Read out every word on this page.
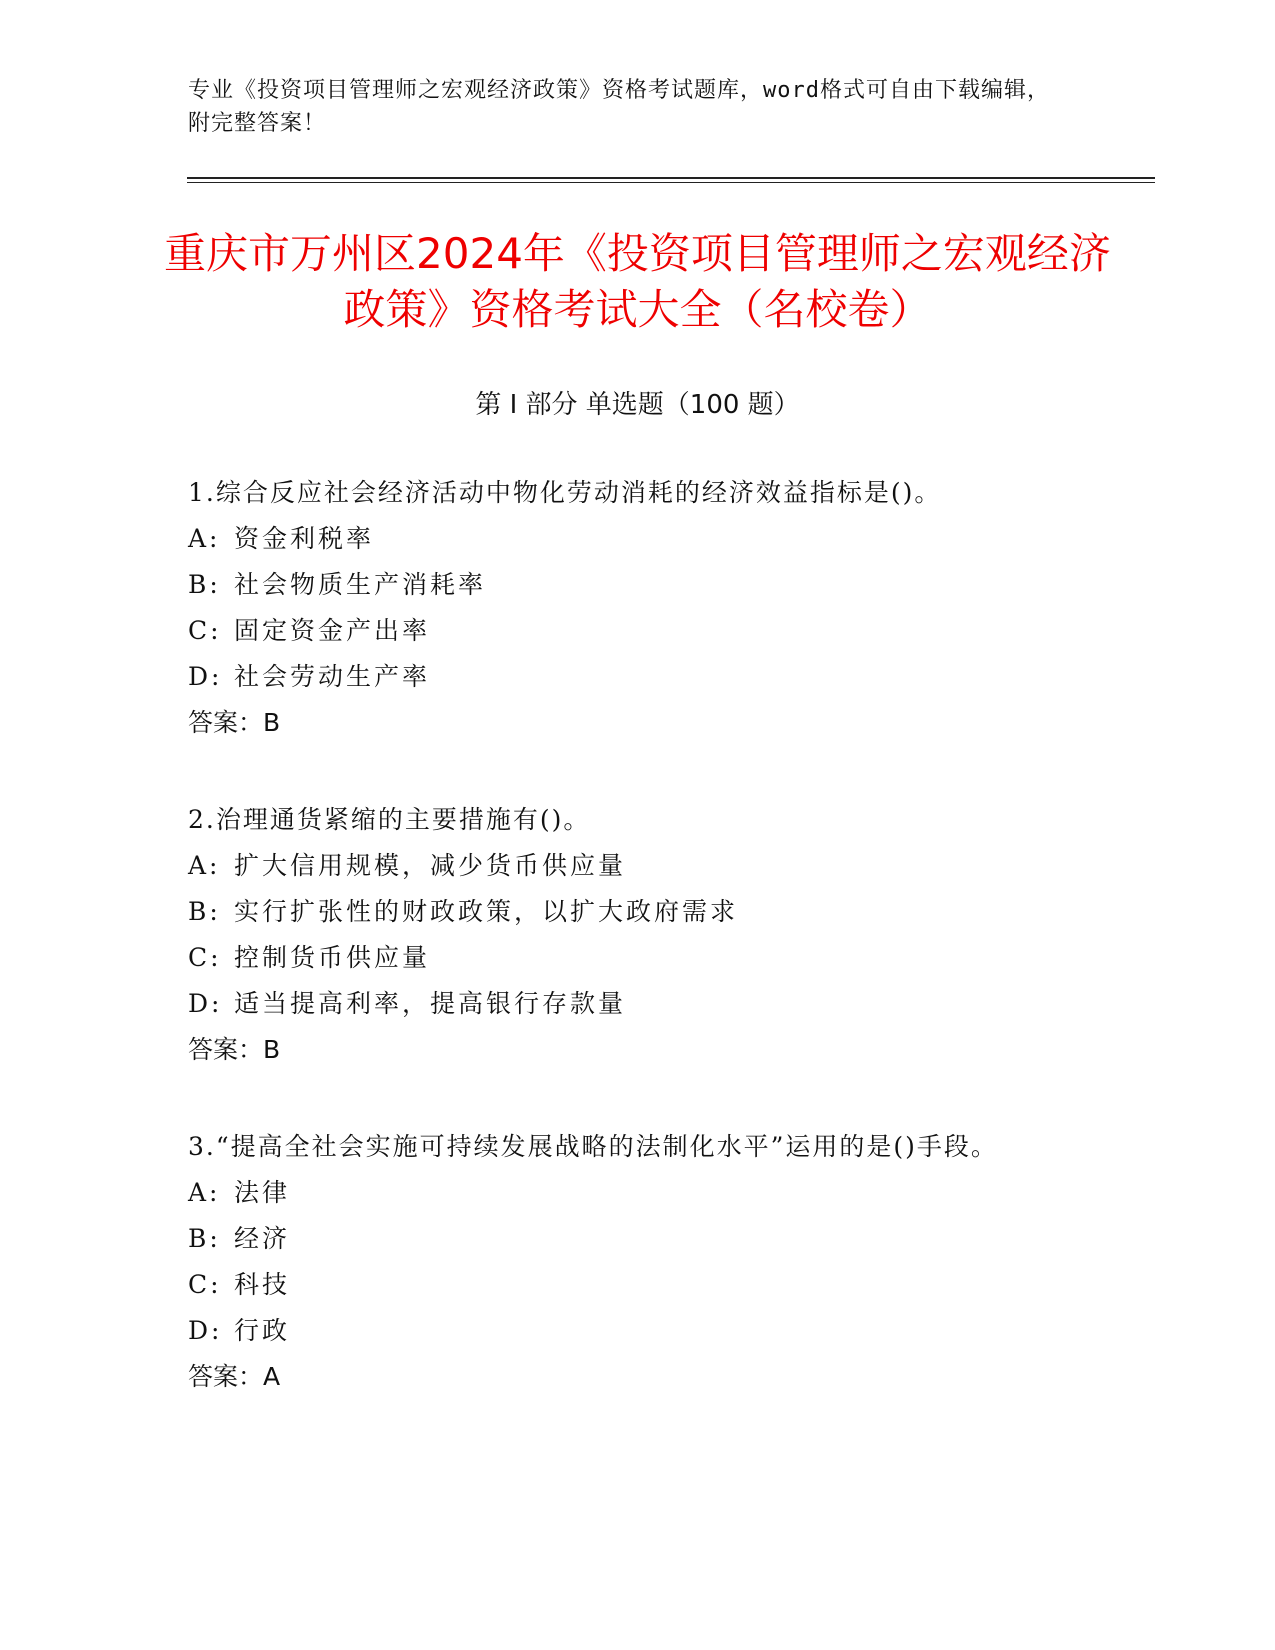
专业《投资项目管理师之宏观经济政策》资格考试题库，word格式可自由下载编辑，附完整答案！
重庆市万州区2024年《投资项目管理师之宏观经济政策》资格考试大全（名校卷）
第 I 部分 单选题（100 题）
1.综合反应社会经济活动中物化劳动消耗的经济效益指标是()。
A: 资金利税率
B: 社会物质生产消耗率
C: 固定资金产出率
D: 社会劳动生产率
答案：B
2.治理通货紧缩的主要措施有()。
A: 扩大信用规模，减少货币供应量
B: 实行扩张性的财政政策，以扩大政府需求
C: 控制货币供应量
D: 适当提高利率，提高银行存款量
答案：B
3.“提高全社会实施可持续发展战略的法制化水平”运用的是()手段。
A: 法律
B: 经济
C: 科技
D: 行政
答案：A
